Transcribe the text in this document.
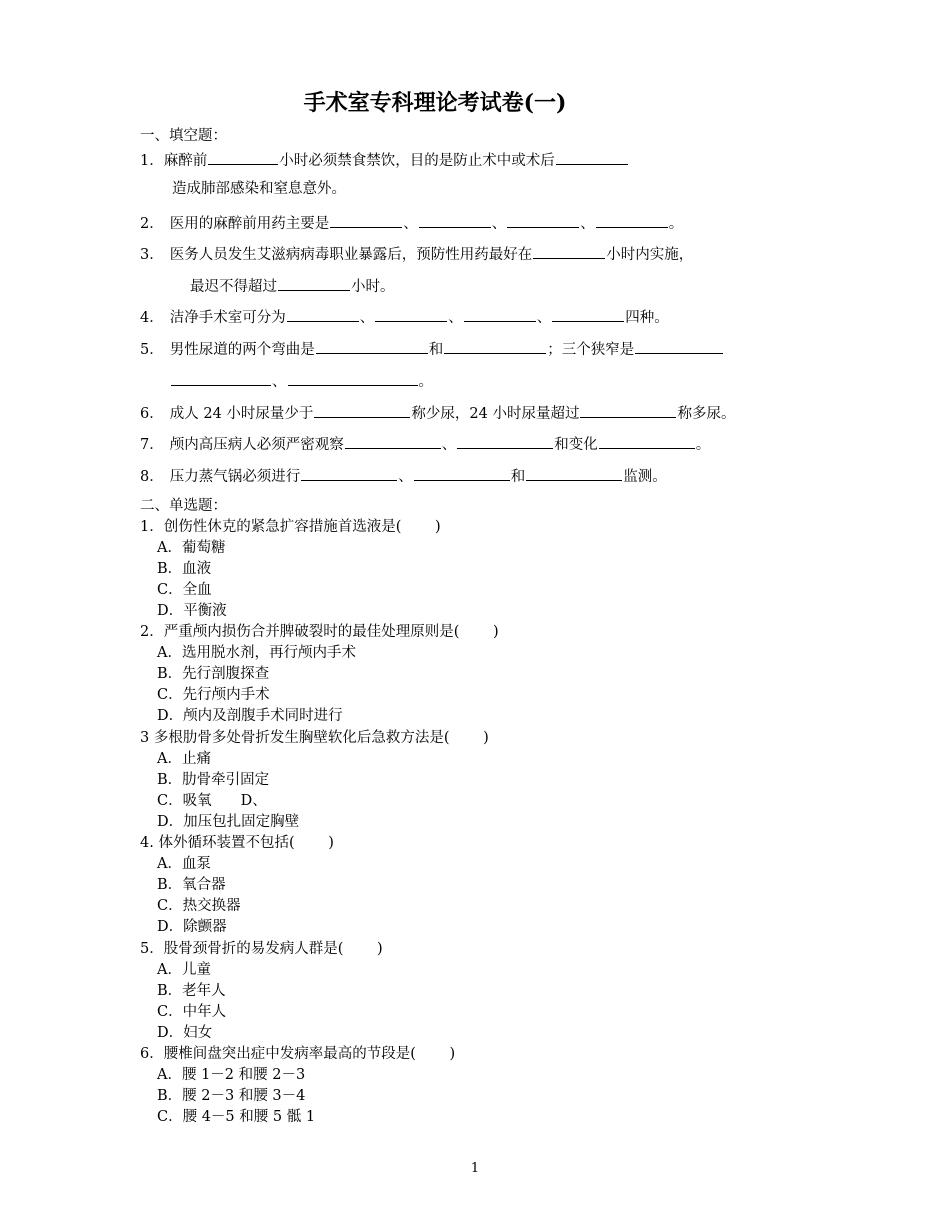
手术室专科理论考试卷(一)
一、填空题：
1．麻醉前	小时必须禁食禁饮，目的是防止术中或术后
造成肺部感染和窒息意外。
2． 医用的麻醉前用药主要是	、	、	、	。
3． 医务人员发生艾滋病病毒职业暴露后，预防性用药最好在	小时内实施，
最迟不得超过	小时。
4． 洁净手术室可分为	、	、	、	四种。
5． 男性尿道的两个弯曲是	和	；三个狭窄是
、	。
6． 成人 24 小时尿量少于	称少尿，24 小时尿量超过	称多尿。
7． 颅内高压病人必须严密观察	、	和变化	。
8． 压力蒸气锅必须进行	、	和	监测。
二、单选题：
1．创伤性休克的紧急扩容措施首选液是(　　 )
A．葡萄糖
B．血液
C．全血
D．平衡液
2．严重颅内损伤合并脾破裂时的最佳处理原则是(　　 )
A．选用脱水剂，再行颅内手术
B．先行剖腹探查
C．先行颅内手术
D．颅内及剖腹手术同时进行
3 多根肋骨多处骨折发生胸壁软化后急救方法是(　　 )
A．止痛
B．肋骨牵引固定
C．吸氧　　D、
D．加压包扎固定胸壁
4. 体外循环装置不包括(　　 )
A．血泵
B．氧合器
C．热交换器
D．除颤器
5．股骨颈骨折的易发病人群是(　　 )
A．儿童
B．老年人
C．中年人
D．妇女
6．腰椎间盘突出症中发病率最高的节段是(　　 )
A．腰 1－2 和腰 2－3
B．腰 2－3 和腰 3－4
C．腰 4－5 和腰 5 骶 1
1
